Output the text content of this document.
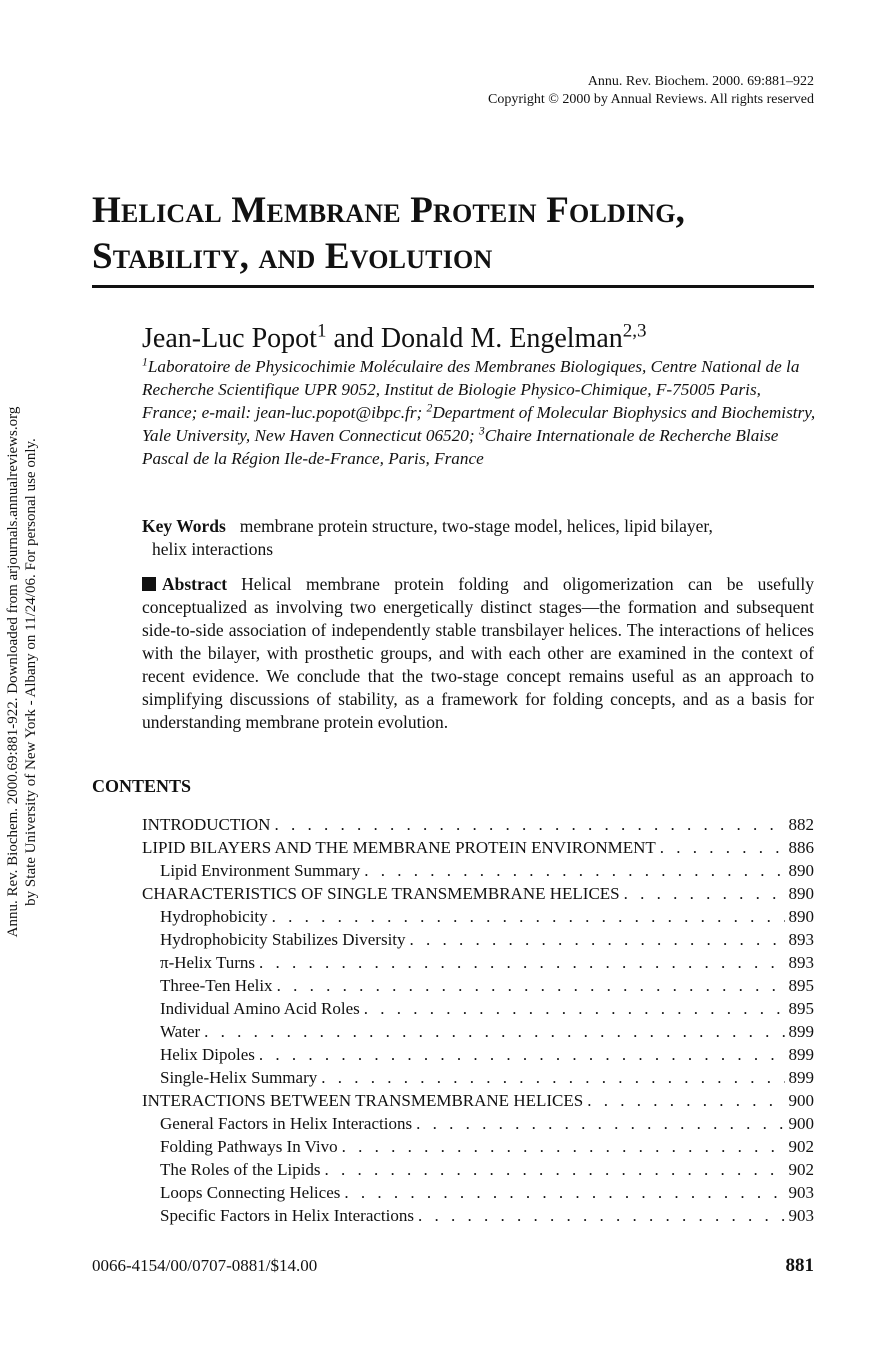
Annu. Rev. Biochem. 2000.69:881-922. Downloaded from arjournals.annualreviews.org by State University of New York - Albany on 11/24/06. For personal use only.
Annu. Rev. Biochem. 2000. 69:881–922
Copyright © 2000 by Annual Reviews. All rights reserved
Helical Membrane Protein Folding,
Stability, and Evolution
Jean-Luc Popot$^1$ and Donald M. Engelman$^{2,3}$
$^1$Laboratoire de Physicochimie Moléculaire des Membranes Biologiques, Centre National de la Recherche Scientifique UPR 9052, Institut de Biologie Physico-Chimique, F-75005 Paris, France; e-mail: jean-luc.popot@ibpc.fr; $^2$Department of Molecular Biophysics and Biochemistry, Yale University, New Haven Connecticut 06520; $^3$Chaire Internationale de Recherche Blaise Pascal de la Région Ile-de-France, Paris, France
Key Words membrane protein structure, two-stage model, helices, lipid bilayer,
helix interactions
Abstract Helical membrane protein folding and oligomerization can be usefully conceptualized as involving two energetically distinct stages—the formation and subsequent side-to-side association of independently stable transbilayer helices. The interactions of helices with the bilayer, with prosthetic groups, and with each other are examined in the context of recent evidence. We conclude that the two-stage concept remains useful as an approach to simplifying discussions of stability, as a framework for folding concepts, and as a basis for understanding membrane protein evolution.
CONTENTS
INTRODUCTION . . .	882
LIPID BILAYERS AND THE MEMBRANE PROTEIN ENVIRONMENT . . .	886
Lipid Environment Summary . . .	890
CHARACTERISTICS OF SINGLE TRANSMEMBRANE HELICES . . .	890
Hydrophobicity . . .	890
Hydrophobicity Stabilizes Diversity . . .	893
π-Helix Turns . . .	893
Three-Ten Helix . . .	895
Individual Amino Acid Roles . . .	895
Water . . .	899
Helix Dipoles . . .	899
Single-Helix Summary . . .	899
INTERACTIONS BETWEEN TRANSMEMBRANE HELICES . . .	900
General Factors in Helix Interactions . . .	900
Folding Pathways In Vivo . . .	902
The Roles of the Lipids . . .	902
Loops Connecting Helices . . .	903
Specific Factors in Helix Interactions . . .	903
0066-4154/00/0707-0881/$14.00	881
